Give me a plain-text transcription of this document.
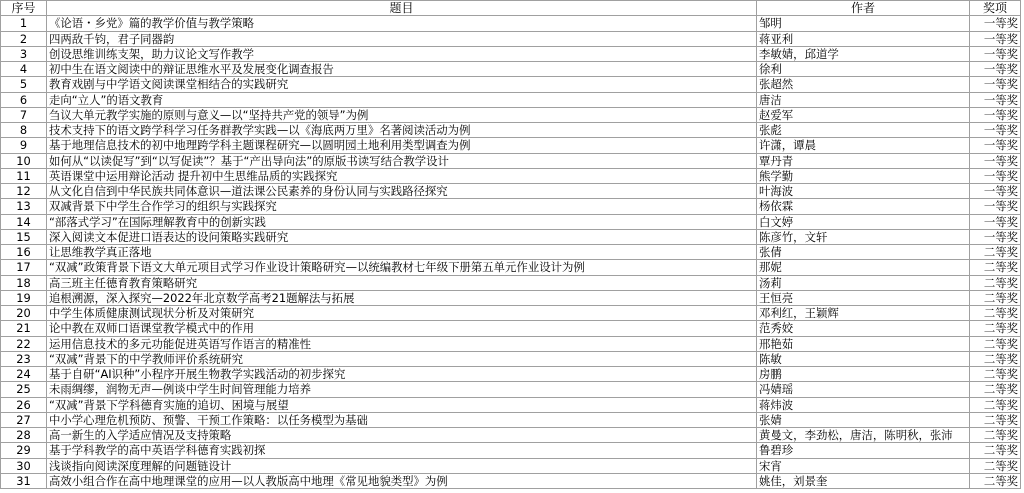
序号	题目	作者	奖项
1	《论语・乡党》篇的教学价值与教学策略	邹明	一等奖
2	四两敌千钧，君子同器韵	蒋亚利	一等奖
3	创设思维训练支架，助力议论文写作教学	李敏婧，邱道学	一等奖
4	初中生在语文阅读中的辩证思维水平及发展变化调查报告	徐利	一等奖
5	教育戏剧与中学语文阅读课堂相结合的实践研究	张超然	一等奖
6	走向“立人”的语文教育	唐洁	一等奖
7	刍议大单元教学实施的原则与意义—以“坚持共产党的领导”为例	赵爱军	一等奖
8	技术支持下的语文跨学科学习任务群教学实践—以《海底两万里》名著阅读活动为例	张彪	一等奖
9	基于地理信息技术的初中地理跨学科主题课程研究—以圆明园土地利用类型调查为例	许潇，谭晨	一等奖
10	如何从“以读促写”到“以写促读”？基于“产出导向法”的原版书读写结合教学设计	覃丹青	一等奖
11	英语课堂中运用辩论活动 提升初中生思维品质的实践探究	熊学勤	一等奖
12	从文化自信到中华民族共同体意识—道法课公民素养的身份认同与实践路径探究	叶海波	一等奖
13	双减背景下中学生合作学习的组织与实践探究	杨依霖	一等奖
14	“部落式学习”在国际理解教育中的创新实践	白文婷	一等奖
15	深入阅读文本促进口语表达的设问策略实践研究	陈彦竹，文轩	一等奖
16	让思维教学真正落地	张倩	二等奖
17	“双减”政策背景下语文大单元项目式学习作业设计策略研究—以统编教材七年级下册第五单元作业设计为例	那妮	二等奖
18	高三班主任德育教育策略研究	汤莉	二等奖
19	追根溯源，深入探究—2022年北京数学高考21题解法与拓展	王恒亮	二等奖
20	中学生体质健康测试现状分析及对策研究	邓利红，王颖辉	二等奖
21	论中教在双师口语课堂教学模式中的作用	范秀姣	二等奖
22	运用信息技术的多元功能促进英语写作语言的精准性	邢艳茹	二等奖
23	“双减”背景下的中学教师评价系统研究	陈敏	二等奖
24	基于自研“AI识种”小程序开展生物教学实践活动的初步探究	房鹏	二等奖
25	未雨绸缪，润物无声—例谈中学生时间管理能力培养	冯婧瑶	二等奖
26	“双减”背景下学科德育实施的追切、困境与展望	蒋炜波	二等奖
27	中小学心理危机预防、预警、干预工作策略：以任务模型为基础	张婧	二等奖
28	高一新生的入学适应情况及支持策略	黄曼文，李劲松，唐洁，陈明秋，张沛	二等奖
29	基于学科教学的高中英语学科德育实践初探	鲁碧珍	二等奖
30	浅谈指向阅读深度理解的问题链设计	宋宵	二等奖
31	高效小组合作在高中地理课堂的应用—以人教版高中地理《常见地貌类型》为例	姚佳，刘景奎	二等奖
